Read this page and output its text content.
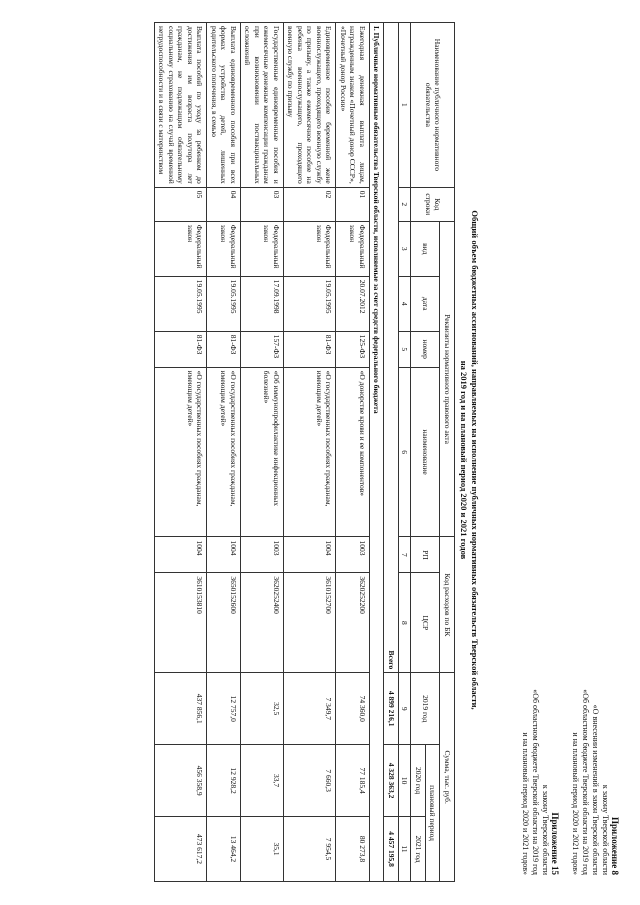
Приложение 8
к закону Тверской области
«О внесении изменений в закон Тверской области
«Об областном бюджете Тверской области на 2019 год
и на плановый период 2020 и 2021 годов»
Приложение 15
к закону Тверской области
«Об областном бюджете Тверской области на 2019 год
и на плановый период 2020 и 2021 годов»
Общий объем бюджетных ассигнований, направляемых на исполнение публичных нормативных обязательств Тверской области,
на 2019 год и на плановый период 2020 и 2021 годов
Наименование публичного нормативного обязательства	Код строки	Реквизиты нормативного правового акта				Код расходов по БК		Сумма, тыс. руб.		
		вид	дата	номер	наименование	РП	ЦСР	2019 год	плановый период	
									2020 год	2021 год
1	2	3	4	5	6	7	8	9	10	11
Всего								4 899 216,1	4 328 363,2	4 457 195,8
I. Публичные нормативные обязательства Тверской области, исполняемые за счет средств федерального бюджета										
Ежегодная денежная выплата лицам, награжденным знаком «Почетный донор СССР», «Почетный донор России»	01	Федеральный закон	20.07.2012	125-ФЗ	«О донорстве крови и ее компонентов»	1003	3620252200	74 360,0	77 185,4	80 273,8
Единовременное пособие беременной жене военнослужащего, проходящего военную службу по призыву, а также ежемесячное пособие на ребенка военнослужащего, проходящего военную службу по призыву	02	Федеральный закон	19.05.1995	81-ФЗ	«О государственных пособиях гражданам, имеющим детей»	1004	3610152700	7 349,7	7 660,3	7 954,5
Государственные единовременные пособия и ежемесячные денежные компенсации гражданам при возникновении поствакцинальных осложнений	03	Федеральный закон	17.09.1998	157-ФЗ	«Об иммунопрофилактике инфекционных болезней»	1003	3620252400	32,5	33,7	35,1
Выплата единовременного пособия при всех формах устройства детей, лишенных родительского попечения, в семью	04	Федеральный закон	19.05.1995	81-ФЗ	«О государственных пособиях гражданам, имеющим детей»	1004	3650152600	12 757,0	12 928,2	13 464,2
Выплата пособий по уходу за ребенком до достижения им возраста полутора лет гражданам, не подлежащим обязательному социальному страхованию на случай временной нетрудоспособности и в связи с материнством	05	Федеральный закон	19.05.1995	81-ФЗ	«О государственных пособиях гражданам, имеющим детей»	1004	3610153810	437 856,1	456 358,9	473 617,2
